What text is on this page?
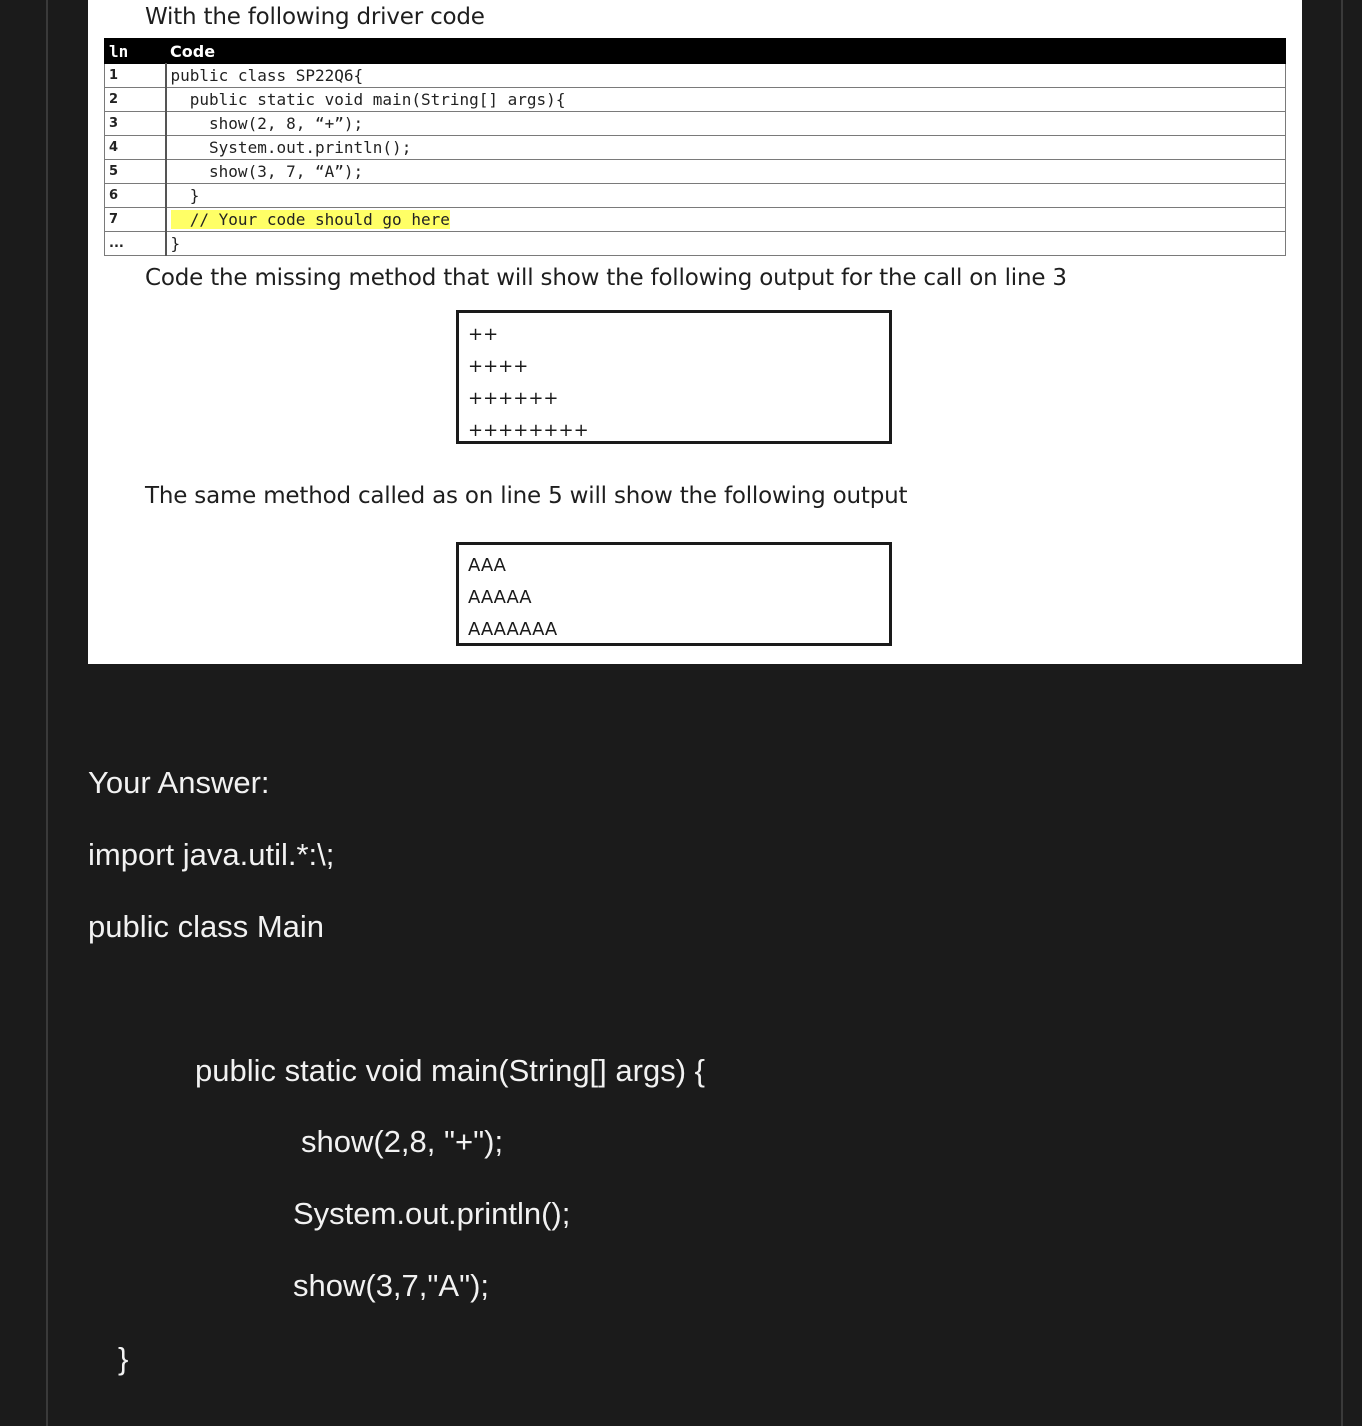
With the following driver code
ln	Code
1	public class SP22Q6{
2	public static void main(String[] args){
3	show(2, 8, “+”);
4	System.out.println();
5	show(3, 7, “A”);
6	}
7	// Your code should go here
...	}
Code the missing method that will show the following output for the call on line 3
++
++++
++++++
++++++++
The same method called as on line 5 will show the following output
AAA
AAAAA
AAAAAAA
Your Answer:
import java.util.*:\;
public class Main
public static void main(String[] args) {
show(2,8, "+");
System.out.println();
show(3,7,"A");
}
